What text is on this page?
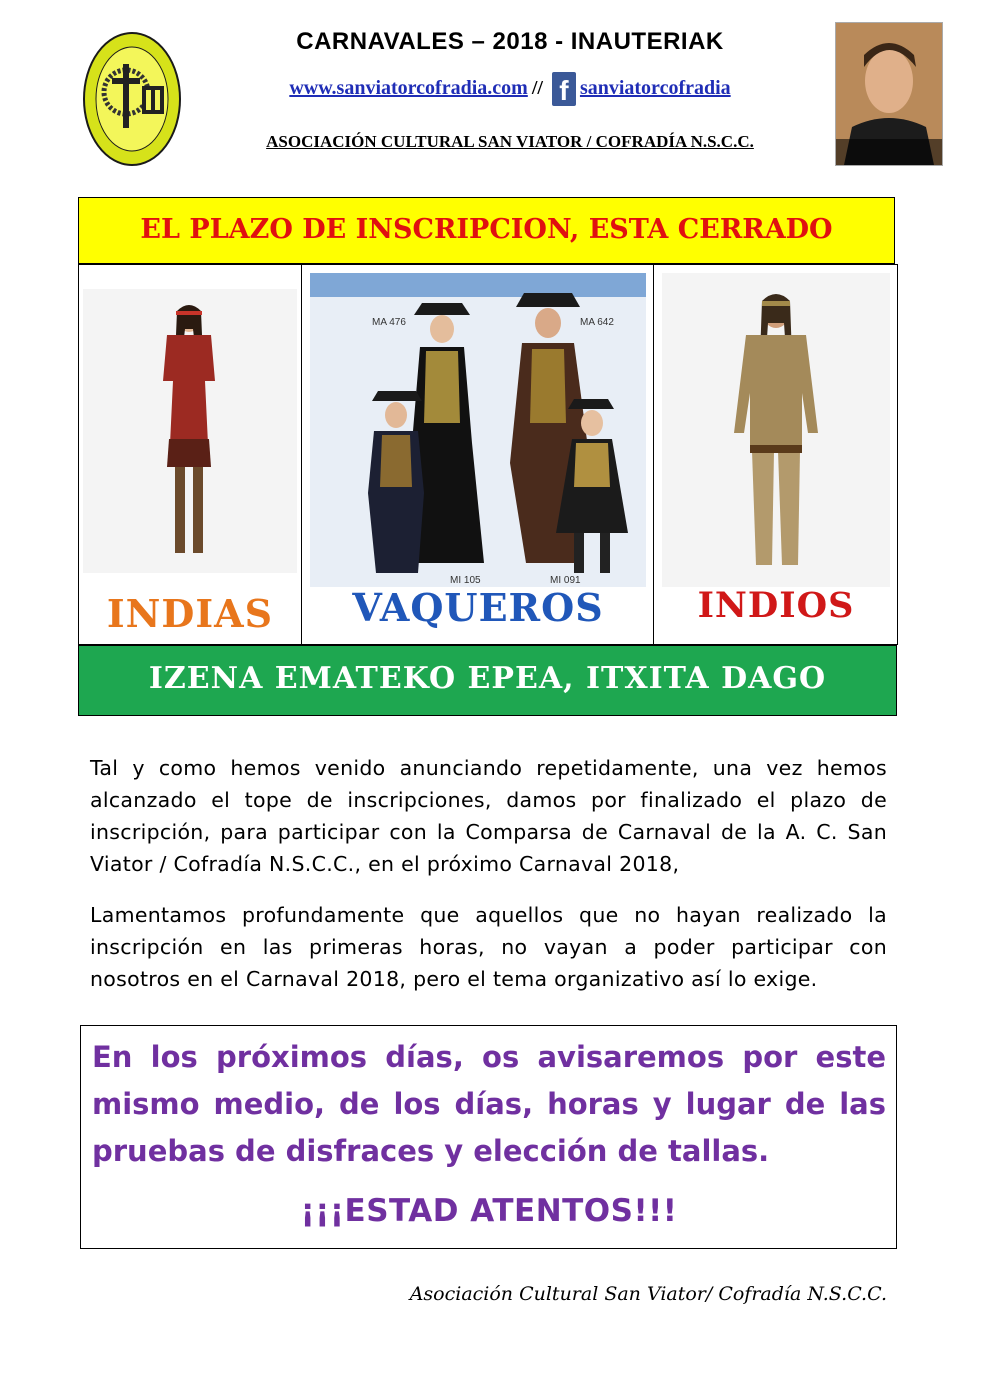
CARNAVALES – 2018 - INAUTERIAK
www.sanviatorcofradia.com // f sanviatorcofradia
ASOCIACIÓN CULTURAL SAN VIATOR / COFRADÍA N.S.C.C.
EL PLAZO DE INSCRIPCION, ESTA CERRADO
INDIAS
MA 476	MA 642
MI 105	MI 091
VAQUEROS	INDIOS
IZENA EMATEKO EPEA, ITXITA DAGO
Tal y como hemos venido anunciando repetidamente, una vez hemos alcanzado el tope de inscripciones, damos por finalizado el plazo de inscripción, para participar con la Comparsa de Carnaval de la A. C. San Viator / Cofradía N.S.C.C., en el próximo Carnaval 2018,
Lamentamos profundamente que aquellos que no hayan realizado la inscripción en las primeras horas, no vayan a poder participar con nosotros en el Carnaval 2018, pero el tema organizativo así lo exige.
En los próximos días, os avisaremos por este mismo medio, de los días, horas y lugar de las pruebas de disfraces y elección de tallas.
¡¡¡ESTAD ATENTOS!!!
Asociación Cultural San Viator/ Cofradía N.S.C.C.
